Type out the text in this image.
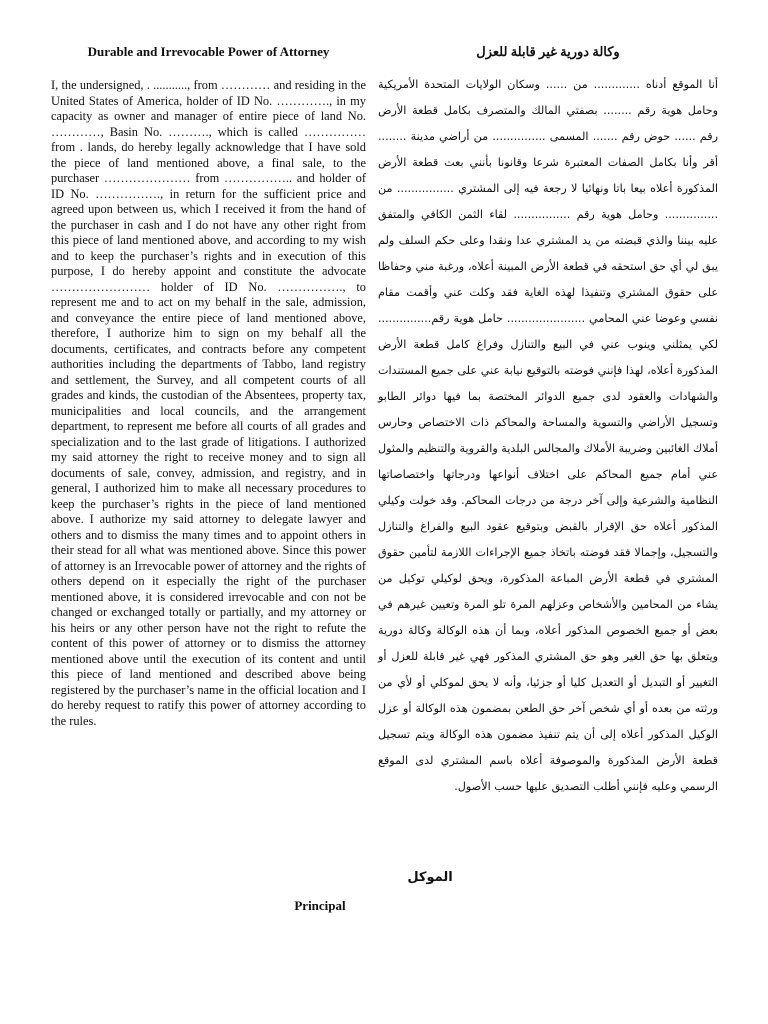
Durable and Irrevocable Power of Attorney

I, the undersigned, . ..........., from ………… and residing in the United States of America, holder of ID No. …………., in my capacity as owner and manager of entire piece of land No. …………, Basin No. ………., which is called …………… from . lands, do hereby legally acknowledge that I have sold the piece of land mentioned above, a final sale, to the purchaser ………………… from …………….. and holder of ID No. ……………., in return for the sufficient price and agreed upon between us, which I received it from the hand of the purchaser in cash and I do not have any other right from this piece of land mentioned above, and according to my wish and to keep the purchaser’s rights and in execution of this purpose, I do hereby appoint and constitute the advocate …………………… holder of ID No. ……………., to represent me and to act on my behalf in the sale, admission, and conveyance the entire piece of land mentioned above, therefore, I authorize him to sign on my behalf all the documents, certificates, and contracts before any competent authorities including the departments of Tabbo, land registry and settlement, the Survey, and all competent courts of all grades and kinds, the custodian of the Absentees, property tax, municipalities and local councils, and the arrangement department, to represent me before all courts of all grades and specialization and to the last grade of litigations. I authorized my said attorney the right to receive money and to sign all documents of sale, convey, admission, and registry, and in general, I authorized him to make all necessary procedures to keep the purchaser’s rights in the piece of land mentioned above. I authorize my said attorney to delegate lawyer and others and to dismiss the many times and to appoint others in their stead for all what was mentioned above. Since this power of attorney is an Irrevocable power of attorney and the rights of others depend on it especially the right of the purchaser mentioned above, it is considered irrevocable and con not be changed or exchanged totally or partially, and my attorney or his heirs or any other person have not the right to refute the content of this power of attorney or to dismiss the attorney mentioned above until the execution of its content and until this piece of land mentioned and described above being registered by the purchaser’s name in the official location and I do hereby request to ratify this power of attorney according to the rules.

وكالة دورية غير قابلة للعزل

أنا الموقع أدناه ............. من ...... وسكان الولايات المتحدة الأمريكية وحامل هوية رقم ........ بصفتي المالك والمتصرف بكامل قطعة الأرض رقم ...... حوض رقم ....... المسمى ............... من أراضي مدينة ........ أقر وأنا بكامل الصفات المعتبرة شرعا وقانونا بأنني بعت قطعة الأرض المذكورة أعلاه بيعا باتا ونهائيا لا رجعة فيه إلى المشتري ................ من ............... وحامل هوية رقم ................ لقاء الثمن الكافي والمتفق عليه بيننا والذي قبضته من يد المشتري عدا ونقدا وعلى حكم السلف ولم يبق لي أي حق استحقه في قطعة الأرض المبينة أعلاه، ورغبة مني وحفاظا على حقوق المشتري وتنفيذا لهذه الغاية فقد وكلت عني وأقمت مقام نفسي وعوضا عني المحامي ...................... حامل هوية رقم............... لكي يمثلني وينوب عني في البيع والتنازل وفراغ كامل قطعة الأرض المذكورة أعلاه، لهذا فإنني فوضته بالتوقيع نيابة عني على جميع المستندات والشهادات والعقود لدى جميع الدوائر المختصة بما فيها دوائر الطابو وتسجيل الأراضي والتسوية والمساحة والمحاكم ذات الاختصاص وحارس أملاك الغائبين وضريبة الأملاك والمجالس البلدية والقروية والتنظيم والمثول عني أمام جميع المحاكم على اختلاف أنواعها ودرجاتها واختصاصاتها النظامية والشرعية وإلى آخر درجة من درجات المحاكم. وقد خولت وكيلي المذكور أعلاه حق الإقرار بالقبض وبتوقيع عقود البيع والفراغ والتنازل والتسجيل، وإجمالا فقد فوضته باتخاذ جميع الإجراءات اللازمة لتأمين حقوق المشتري في قطعة الأرض المباعة المذكورة، ويحق لوكيلي توكيل من يشاء من المحامين والأشخاص وعزلهم المرة تلو المرة وتعيين غيرهم في بعض أو جميع الخصوص المذكور أعلاه، وبما أن هذه الوكالة وكالة دورية ويتعلق بها حق الغير وهو حق المشتري المذكور فهي غير قابلة للعزل أو التغيير أو التبديل أو التعديل كليا أو جزئيا، وأنه لا يحق لموكلي أو لأي من ورثته من بعده أو أي شخص آخر حق الطعن بمضمون هذه الوكالة أو عزل الوكيل المذكور أعلاه إلى أن يتم تنفيذ مضمون هذه الوكالة ويتم تسجيل قطعة الأرض المذكورة والموصوفة أعلاه باسم المشتري لدى الموقع الرسمي وعليه فإنني أطلب التصديق عليها حسب الأصول.

الموكل
Principal
